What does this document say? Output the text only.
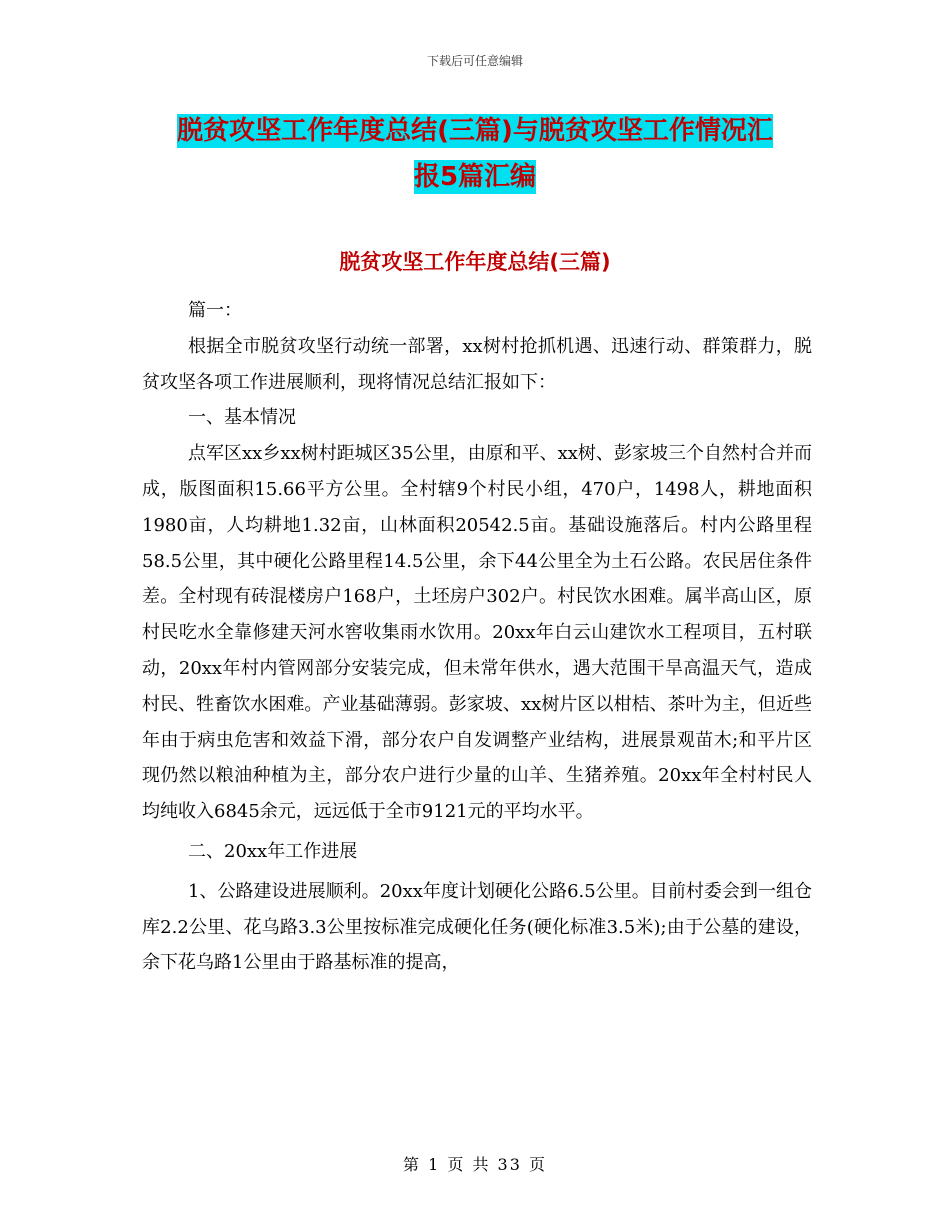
下载后可任意编辑
脱贫攻坚工作年度总结(三篇)与脱贫攻坚工作情况汇
报5篇汇编
脱贫攻坚工作年度总结(三篇)

篇一：

根据全市脱贫攻坚行动统一部署，xx树村抢抓机遇、迅速行动、群策群力，脱贫攻坚各项工作进展顺利，现将情况总结汇报如下：

一、基本情况

点军区xx乡xx树村距城区35公里，由原和平、xx树、彭家坡三个自然村合并而成，版图面积15.66平方公里。全村辖9个村民小组，470户，1498人，耕地面积1980亩，人均耕地1.32亩，山林面积20542.5亩。基础设施落后。村内公路里程58.5公里，其中硬化公路里程14.5公里，余下44公里全为土石公路。农民居住条件差。全村现有砖混楼房户168户，土坯房户302户。村民饮水困难。属半高山区，原村民吃水全靠修建天河水窖收集雨水饮用。20xx年白云山建饮水工程项目，五村联动，20xx年村内管网部分安装完成，但未常年供水，遇大范围干旱高温天气，造成村民、牲畜饮水困难。产业基础薄弱。彭家坡、xx树片区以柑桔、茶叶为主，但近些年由于病虫危害和效益下滑，部分农户自发调整产业结构，进展景观苗木;和平片区现仍然以粮油种植为主，部分农户进行少量的山羊、生猪养殖。20xx年全村村民人均纯收入6845余元，远远低于全市9121元的平均水平。

二、20xx年工作进展

1、公路建设进展顺利。20xx年度计划硬化公路6.5公里。目前村委会到一组仓库2.2公里、花乌路3.3公里按标准完成硬化任务(硬化标准3.5米);由于公墓的建设，余下花乌路1公里由于路基标准的提高，

第 1 页 共 33 页
